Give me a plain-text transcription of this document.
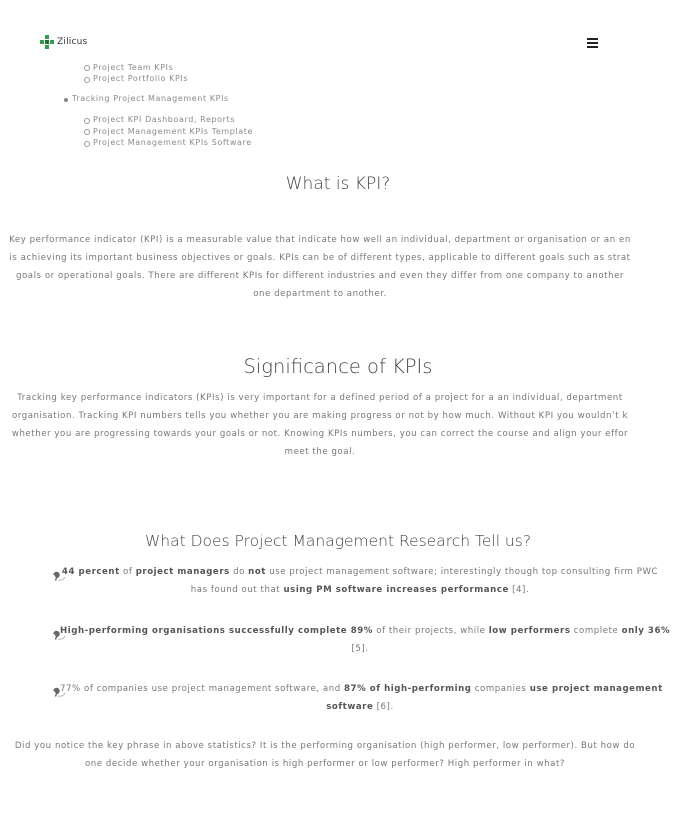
Zilicus
Project Team KPIs
Project Portfolio KPIs
Tracking Project Management KPIs
Project KPI Dashboard, Reports
Project Management KPIs Template
Project Management KPIs Software
What is KPI?
Key performance indicator (KPI) is a measurable value that indicate how well an individual, department or organisation or an en
is achieving its important business objectives or goals. KPIs can be of different types, applicable to different goals such as strat
goals or operational goals. There are different KPIs for different industries and even they differ from one company to another
one department to another.
Significance of KPIs
Tracking key performance indicators (KPIs) is very important for a defined period of a project for a an individual, department
organisation. Tracking KPI numbers tells you whether you are making progress or not by how much. Without KPI you wouldn’t k
whether you are progressing towards your goals or not. Knowing KPIs numbers, you can correct the course and align your effor
meet the goal.
What Does Project Management Research Tell us?
44 percent of project managers do not use project management software; interestingly though top consulting firm PWC
has found out that using PM software increases performance [4].
High-performing organisations successfully complete 89% of their projects, while low performers complete only 36%
[5].
77% of companies use project management software, and 87% of high-performing companies use project management
software [6].
Did you notice the key phrase in above statistics? It is the performing organisation (high performer, low performer). But how do
one decide whether your organisation is high performer or low performer? High performer in what?
